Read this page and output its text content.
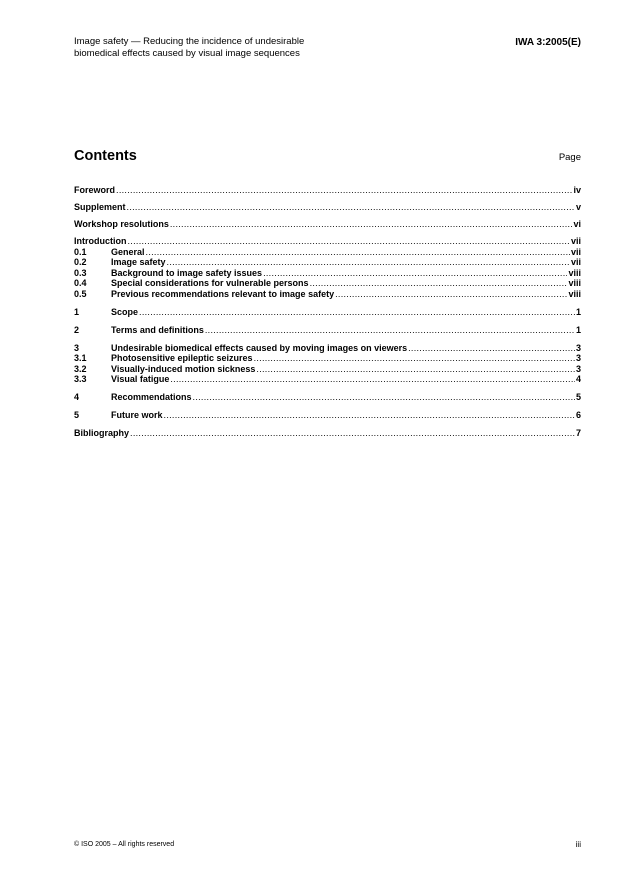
Image safety — Reducing the incidence of undesirable
biomedical effects caused by visual image sequences
IWA 3:2005(E)
Contents	Page
Foreword .....	iv
Supplement .....	v
Workshop resolutions .....	vi
Introduction .....	vii
0.1	General .....	vii
0.2	Image safety .....	vii
0.3	Background to image safety issues .....	viii
0.4	Special considerations for vulnerable persons .....	viii
0.5	Previous recommendations relevant to image safety .....	viii
1	Scope .....	1
2	Terms and definitions .....	1
3	Undesirable biomedical effects caused by moving images on viewers .....	3
3.1	Photosensitive epileptic seizures .....	3
3.2	Visually-induced motion sickness .....	3
3.3	Visual fatigue .....	4
4	Recommendations .....	5
5	Future work .....	6
Bibliography .....	7
© ISO 2005 – All rights reserved	iii
